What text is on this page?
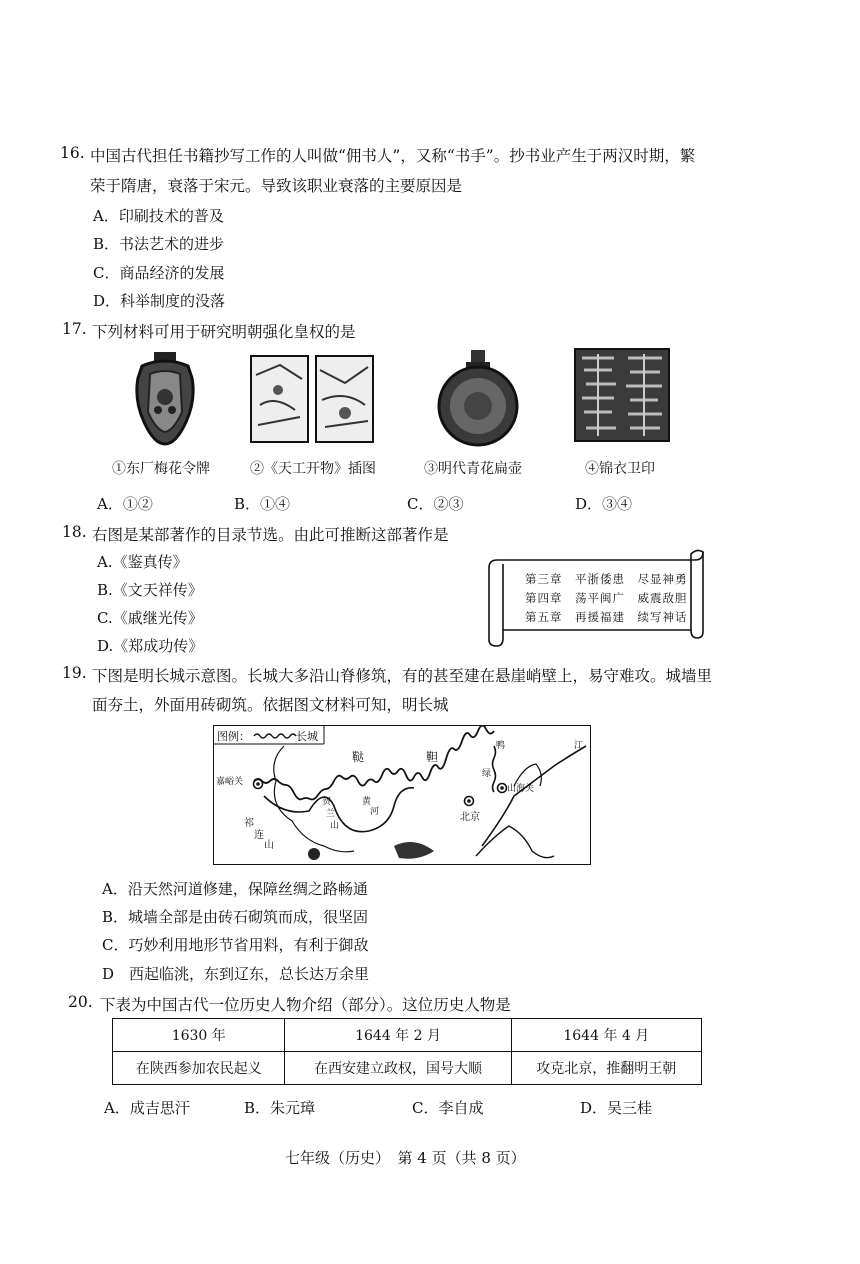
16. 中国古代担任书籍抄写工作的人叫做“佣书人”，又称“书手”。抄书业产生于两汉时期，繁
荣于隋唐，衰落于宋元。导致该职业衰落的主要原因是
A．印刷技术的普及
B．书法艺术的进步
C．商品经济的发展
D．科举制度的没落
17. 下列材料可用于研究明朝强化皇权的是
①东厂梅花令牌	②《天工开物》插图	③明代青花扁壶	④锦衣卫印
A．①②	B．①④	C．②③	D．③④
18. 右图是某部著作的目录节选。由此可推断这部著作是
A.《鉴真传》
B.《文天祥传》
C.《戚继光传》
D.《郑成功传》
第三章　平浙倭患　尽显神勇
第四章　荡平闽广　威震敌胆
第五章　再援福建　续写神话
19. 下图是明长城示意图。长城大多沿山脊修筑，有的甚至建在悬崖峭壁上，易守难攻。城墙里
面夯土，外面用砖砌筑。依据图文材料可知，明长城
图例：	长城
嘉峪关
北京
山海关
鞑	靼
鸭	江
绿
祁
连
山
贺
兰
山
黄
河
A．沿天然河道修建，保障丝绸之路畅通
B．城墙全部是由砖石砌筑而成，很坚固
C．巧妙利用地形节省用料，有利于御敌
D　西起临洮，东到辽东，总长达万余里
20. 下表为中国古代一位历史人物介绍（部分）。这位历史人物是
1630 年	1644 年 2 月	1644 年 4 月
在陕西参加农民起义	在西安建立政权，国号大顺	攻克北京，推翻明王朝
A．成吉思汗	B．朱元璋	C．李自成	D．吴三桂
七年级（历史）　第 4 页（共 8 页）
